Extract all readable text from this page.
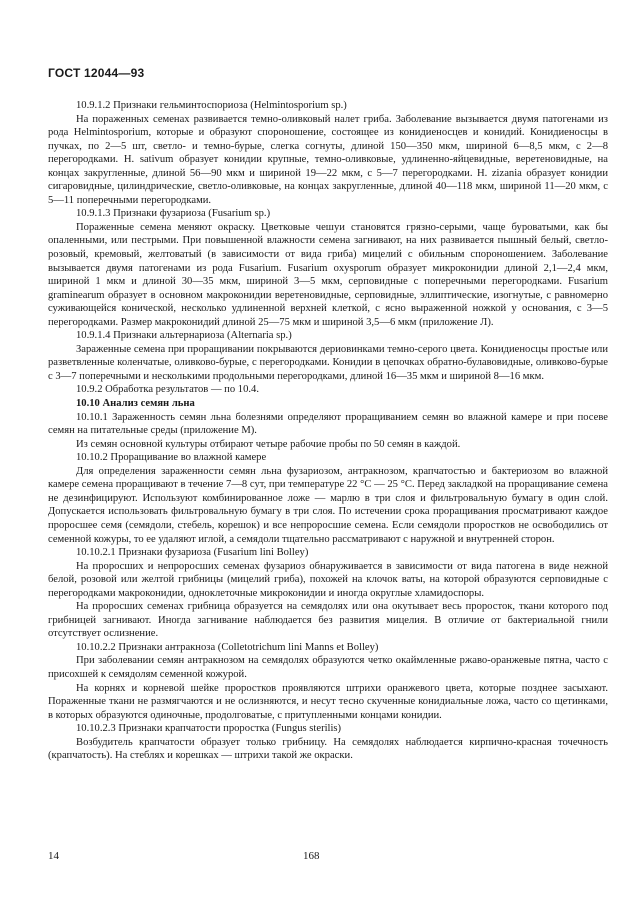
ГОСТ 12044—93

10.9.1.2 Признаки гельминтоспориоза (Helmintosporium sp.)

На пораженных семенах развивается темно-оливковый налет гриба. Заболевание вызывается двумя патогенами из рода Helmintosporium, которые и образуют спороношение, состоящее из конидиеносцев и конидий. Конидиеносцы в пучках, по 2—5 шт, светло- и темно-бурые, слегка согнуты, длиной 150—350 мкм, шириной 6—8,5 мкм, с 2—8 перегородками. H. sativum образует конидии крупные, темно-оливковые, удлиненно-яйцевидные, веретеновидные, на концах закругленные, длиной 56—90 мкм и шириной 19—22 мкм, с 5—7 перегородками. H. zizania образует конидии сигаровидные, цилиндрические, светло-оливковые, на концах закругленные, длиной 40—118 мкм, шириной 11—20 мкм, с 5—11 поперечными перегородками.

10.9.1.3 Признаки фузариоза (Fusarium sp.)

Пораженные семена меняют окраску. Цветковые чешуи становятся грязно-серыми, чаще буроватыми, как бы опаленными, или пестрыми. При повышенной влажности семена загнивают, на них развивается пышный белый, светло-розовый, кремовый, желтоватый (в зависимости от вида гриба) мицелий с обильным спороношением. Заболевание вызывается двумя патогенами из рода Fusarium. Fusarium oxysporum образует микроконидии длиной 2,1—2,4 мкм, шириной 1 мкм и длиной 30—35 мкм, шириной 3—5 мкм, серповидные с поперечными перегородками. Fusarium graminearum образует в основном макроконидии веретеновидные, серповидные, эллиптические, изогнутые, с равномерно суживающейся конической, несколько удлиненной верхней клеткой, с ясно выраженной ножкой у основания, с 3—5 перегородками. Размер макроконидий длиной 25—75 мкм и шириной 3,5—6 мкм (приложение Л).

10.9.1.4 Признаки альтернариоза (Alternaria sp.)

Зараженные семена при проращивании покрываются дериовинками темно-серого цвета. Конидиеносцы простые или разветвленные коленчатые, оливково-бурые, с перегородками. Конидии в цепочках обратно-булавовидные, оливково-бурые с 3—7 поперечными и несколькими продольными перегородками, длиной 16—35 мкм и шириной 8—16 мкм.

10.9.2 Обработка результатов — по 10.4.

10.10 Анализ семян льна

10.10.1 Зараженность семян льна болезнями определяют проращиванием семян во влажной камере и при посеве семян на питательные среды (приложение М).

Из семян основной культуры отбирают четыре рабочие пробы по 50 семян в каждой.

10.10.2 Проращивание во влажной камере

Для определения зараженности семян льна фузариозом, антракнозом, крапчатостью и бактериозом во влажной камере семена проращивают в течение 7—8 сут, при температуре 22 °С — 25 °С. Перед закладкой на проращивание семена не дезинфицируют. Используют комбинированное ложе — марлю в три слоя и фильтровальную бумагу в один слой. Допускается использовать фильтровальную бумагу в три слоя. По истечении срока проращивания просматривают каждое проросшее семя (семядоли, стебель, корешок) и все непроросшие семена. Если семядоли проростков не освободились от семенной кожуры, то ее удаляют иглой, а семядоли тщательно рассматривают с наружной и внутренней сторон.

10.10.2.1 Признаки фузариоза (Fusarium lini Bolley)

На проросших и непроросших семенах фузариоз обнаруживается в зависимости от вида патогена в виде нежной белой, розовой или желтой грибницы (мицелий гриба), похожей на клочок ваты, на которой образуются серповидные с перегородками макроконидии, одноклеточные микроконидии и иногда округлые хламидоспоры.

На проросших семенах грибница образуется на семядолях или она окутывает весь проросток, ткани которого под грибницей загнивают. Иногда загнивание наблюдается без развития мицелия. В отличие от бактериальной гнили отсутствует ослизнение.

10.10.2.2 Признаки антракноза (Colletotrichum lini Manns et Bolley)

При заболевании семян антракнозом на семядолях образуются четко окаймленные ржаво-оранжевые пятна, часто с присохшей к семядолям семенной кожурой.

На корнях и корневой шейке проростков проявляются штрихи оранжевого цвета, которые позднее засыхают. Пораженные ткани не размягчаются и не ослизняются, и несут тесно скученные конидиальные ложа, часто со щетинками, в которых образуются одиночные, продолговатые, с притупленными концами конидии.

10.10.2.3 Признаки крапчатости проростка (Fungus sterilis)

Возбудитель крапчатости образует только грибницу. На семядолях наблюдается кирпично-красная точечность (крапчатость). На стеблях и корешках — штрихи такой же окраски.

14	168
